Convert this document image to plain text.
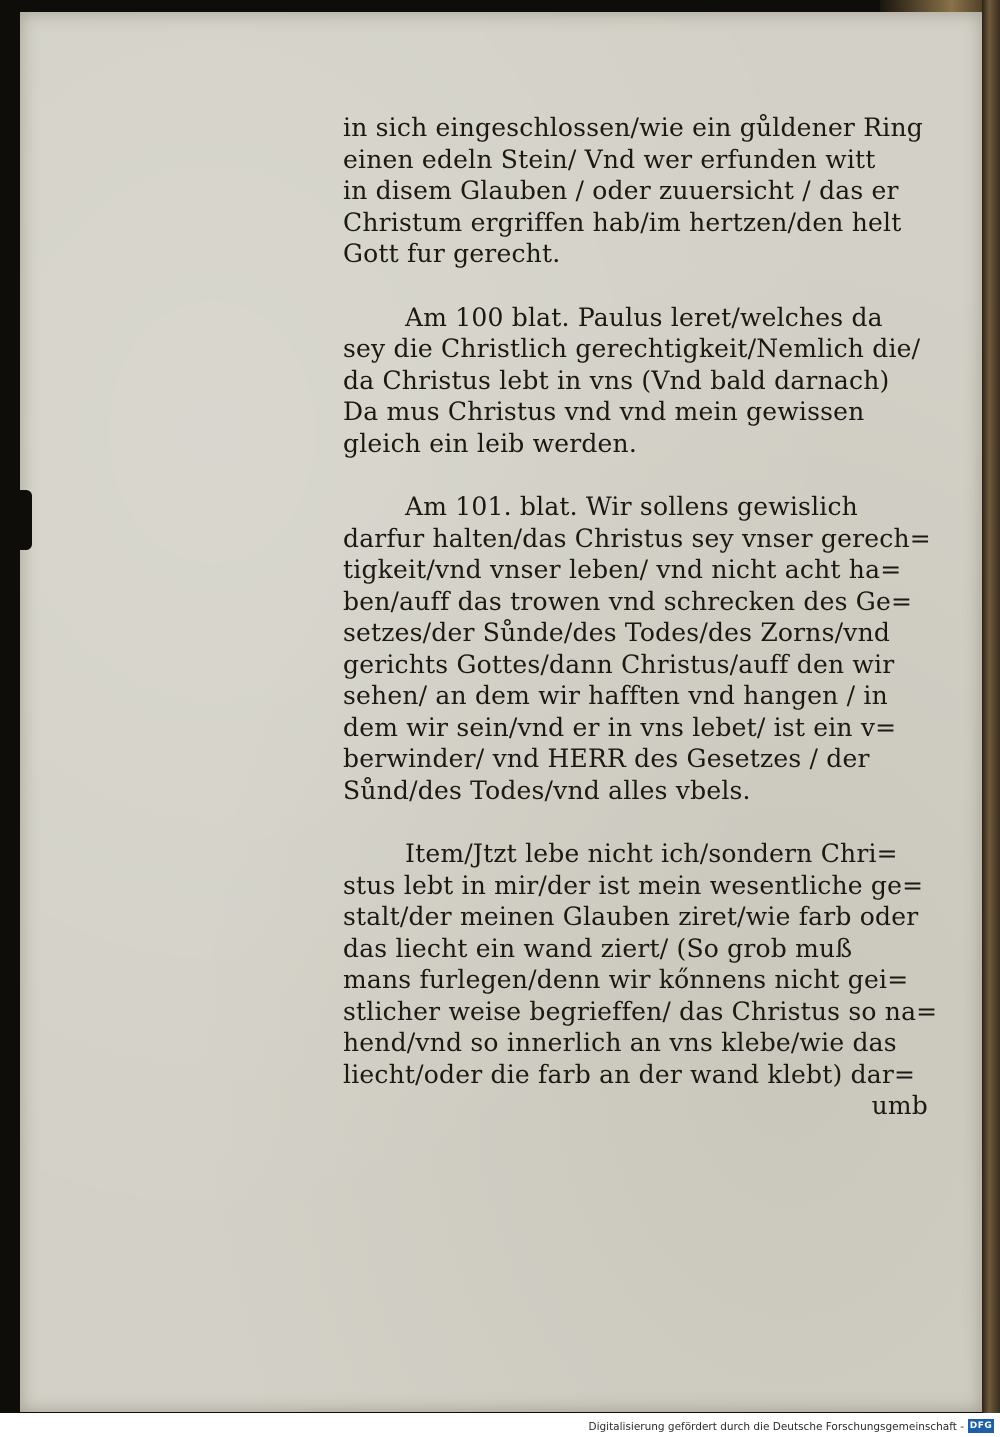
in sich eingeschlossen/wie ein gůldener Ring
einen edeln Stein/ Vnd wer erfunden witt
in disem Glauben / oder zuuersicht / das er
Christum ergriffen hab/im hertzen/den helt
Gott fur gerecht.
Am 100 blat. Paulus leret/welches da
sey die Christlich gerechtigkeit/Nemlich die/
da Christus lebt in vns (Vnd bald darnach)
Da mus Christus vnd vnd mein gewissen
gleich ein leib werden.
Am 101. blat. Wir sollens gewislich
darfur halten/das Christus sey vnser gerech=
tigkeit/vnd vnser leben/ vnd nicht acht ha=
ben/auff das trowen vnd schrecken des Ge=
setzes/der Sůnde/des Todes/des Zorns/vnd
gerichts Gottes/dann Christus/auff den wir
sehen/ an dem wir hafften vnd hangen / in
dem wir sein/vnd er in vns lebet/ ist ein v=
berwinder/ vnd HERR des Gesetzes / der
Sůnd/des Todes/vnd alles vbels.
Item/Jtzt lebe nicht ich/sondern Chri=
stus lebt in mir/der ist mein wesentliche ge=
stalt/der meinen Glauben ziret/wie farb oder
das liecht ein wand ziert/ (So grob muß
mans furlegen/denn wir kőnnens nicht gei=
stlicher weise begrieffen/ das Christus so na=
hend/vnd so innerlich an vns klebe/wie das
liecht/oder die farb an der wand klebt) dar=
umb
Digitalisierung gefördert durch die Deutsche Forschungsgemeinschaft - DFG
